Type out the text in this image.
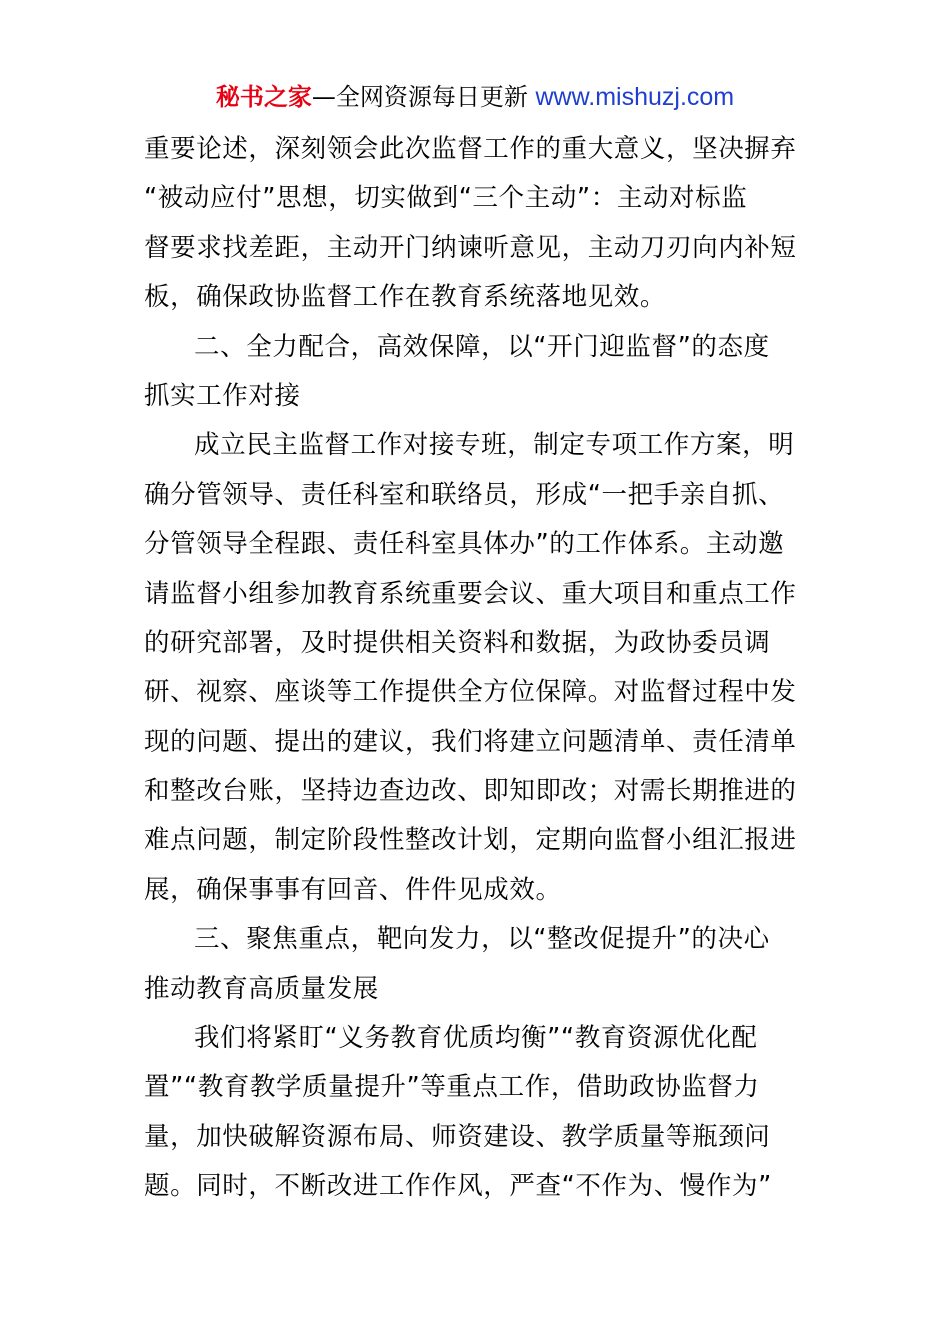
秘书之家—全网资源每日更新 www.mishuzj.com
重要论述，深刻领会此次监督工作的重大意义，坚决摒弃
“被动应付”思想，切实做到“三个主动”：主动对标监
督要求找差距，主动开门纳谏听意见，主动刀刃向内补短
板，确保政协监督工作在教育系统落地见效。
二、全力配合，高效保障，以“开门迎监督”的态度
抓实工作对接
成立民主监督工作对接专班，制定专项工作方案，明
确分管领导、责任科室和联络员，形成“一把手亲自抓、
分管领导全程跟、责任科室具体办”的工作体系。主动邀
请监督小组参加教育系统重要会议、重大项目和重点工作
的研究部署，及时提供相关资料和数据，为政协委员调
研、视察、座谈等工作提供全方位保障。对监督过程中发
现的问题、提出的建议，我们将建立问题清单、责任清单
和整改台账，坚持边查边改、即知即改；对需长期推进的
难点问题，制定阶段性整改计划，定期向监督小组汇报进
展，确保事事有回音、件件见成效。
三、聚焦重点，靶向发力，以“整改促提升”的决心
推动教育高质量发展
我们将紧盯“义务教育优质均衡”“教育资源优化配
置”“教育教学质量提升”等重点工作，借助政协监督力
量，加快破解资源布局、师资建设、教学质量等瓶颈问
题。同时，不断改进工作作风，严查“不作为、慢作为”
